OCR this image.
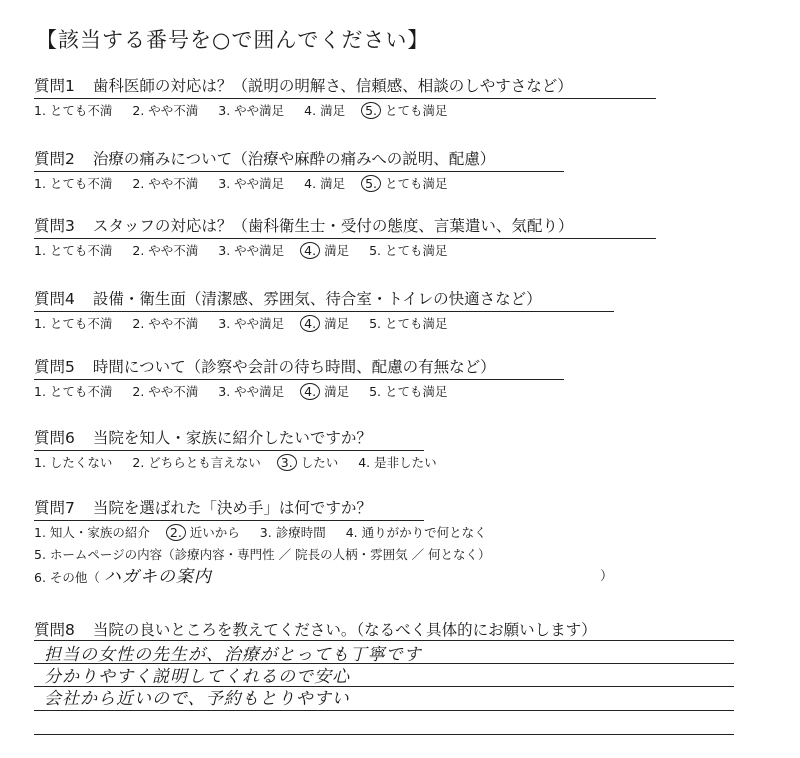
【該当する番号を○で囲んでください】
質問1 歯科医師の対応は？（説明の明解さ、信頼感、相談のしやすさなど）
1. とても不満 2. やや不満 3. やや満足 4. 満足 5. とても満足
質問2 治療の痛みについて（治療や麻酔の痛みへの説明、配慮）
1. とても不満 2. やや不満 3. やや満足 4. 満足 5. とても満足
質問3 スタッフの対応は？（歯科衛生士・受付の態度、言葉遣い、気配り）
1. とても不満 2. やや不満 3. やや満足 4. 満足 5. とても満足
質問4 設備・衛生面（清潔感、雰囲気、待合室・トイレの快適さなど）
1. とても不満 2. やや不満 3. やや満足 4. 満足 5. とても満足
質問5 時間について（診察や会計の待ち時間、配慮の有無など）
1. とても不満 2. やや不満 3. やや満足 4. 満足 5. とても満足
質問6 当院を知人・家族に紹介したいですか？
1. したくない 2. どちらとも言えない 3. したい 4. 是非したい
質問7 当院を選ばれた「決め手」は何ですか？
1. 知人・家族の紹介 2. 近いから 3. 診療時間 4. 通りがかりで何となく
5. ホームページの内容（診療内容・専門性 ／ 院長の人柄・雰囲気 ／ 何となく）
6. その他（ ハガキの案内	）
質問8 当院の良いところを教えてください。（なるべく具体的にお願いします）
担当の女性の先生が、治療がとっても丁寧です
分かりやすく説明してくれるので安心
会社から近いので、予約もとりやすい
